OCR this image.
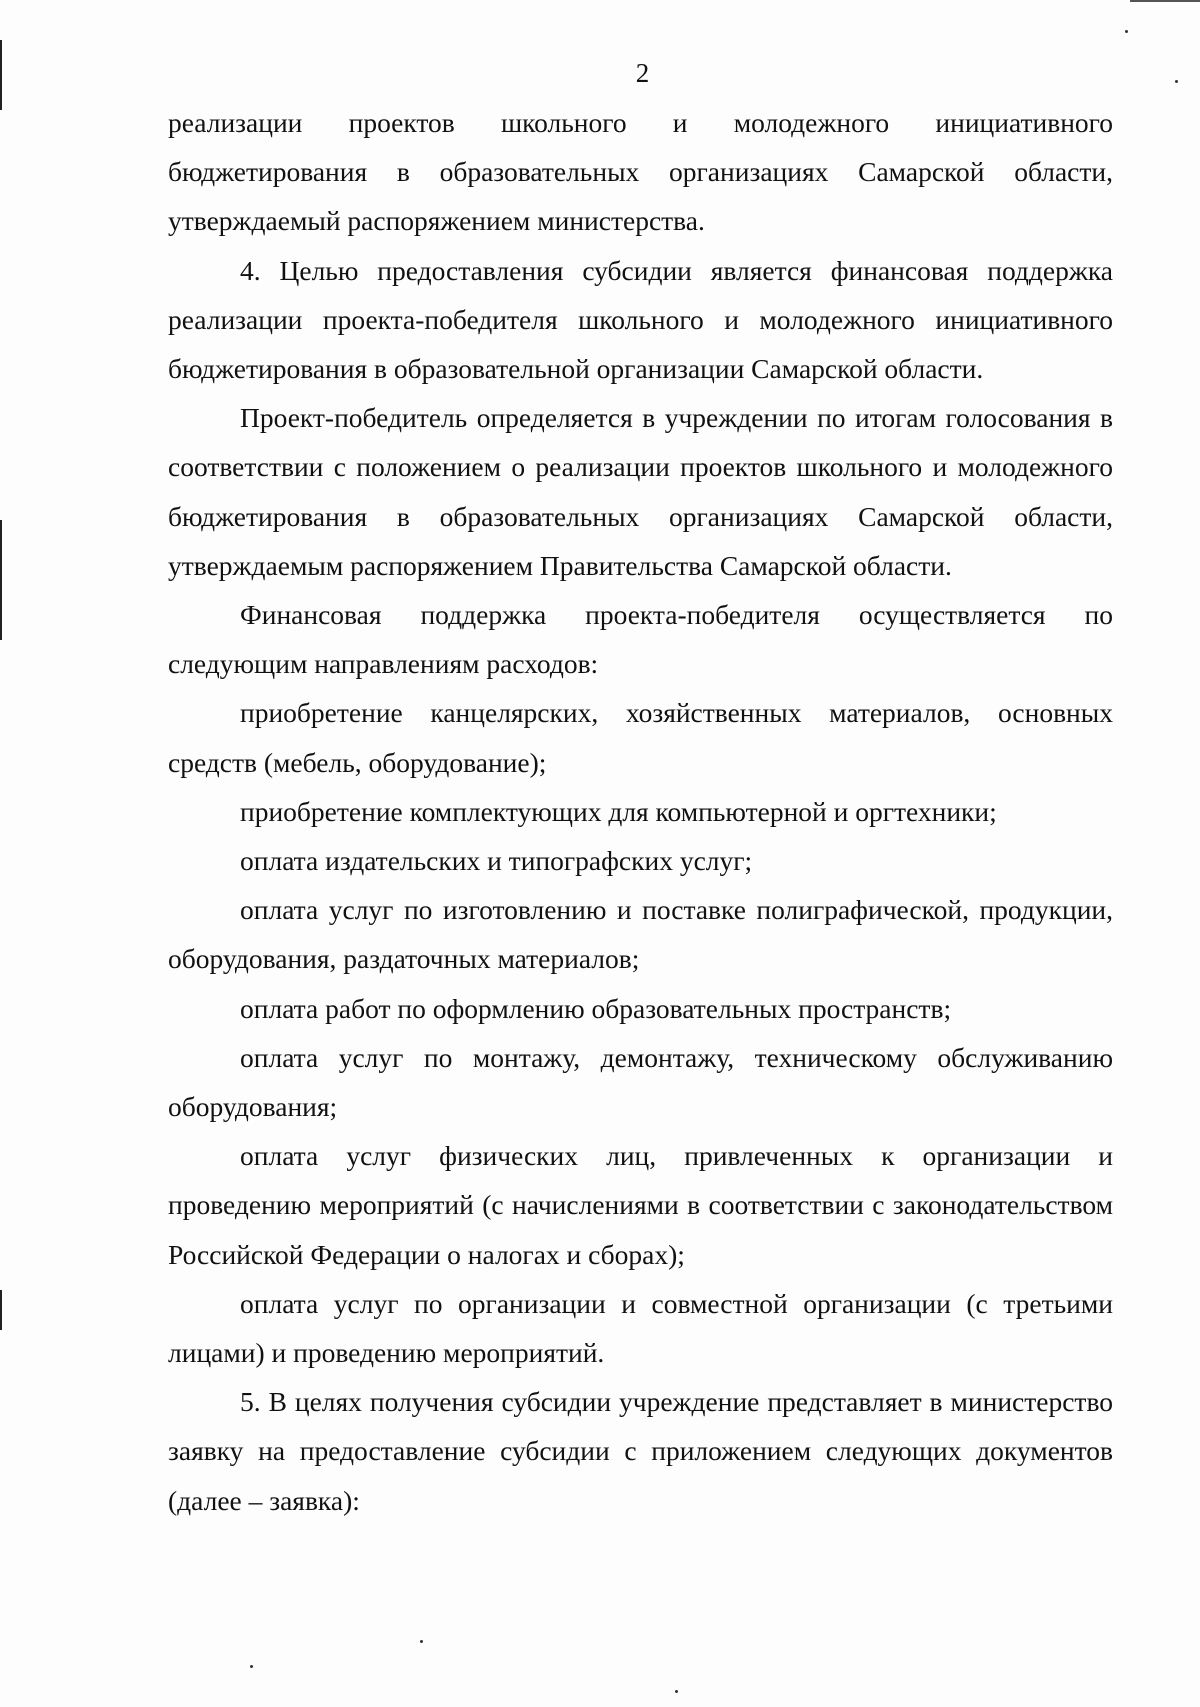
2

реализации проектов школьного и молодежного инициативного бюджетирования в образовательных организациях Самарской области, утверждаемый распоряжением министерства.

4. Целью предоставления субсидии является финансовая поддержка реализации проекта-победителя школьного и молодежного инициативного бюджетирования в образовательной организации Самарской области.

Проект-победитель определяется в учреждении по итогам голосования в соответствии с положением о реализации проектов школьного и молодежного бюджетирования в образовательных организациях Самарской области, утверждаемым распоряжением Правительства Самарской области.

Финансовая поддержка проекта-победителя осуществляется по следующим направлениям расходов:

приобретение канцелярских, хозяйственных материалов, основных средств (мебель, оборудование);

приобретение комплектующих для компьютерной и оргтехники;

оплата издательских и типографских услуг;

оплата услуг по изготовлению и поставке полиграфической, продукции, оборудования, раздаточных материалов;

оплата работ по оформлению образовательных пространств;

оплата услуг по монтажу, демонтажу, техническому обслуживанию оборудования;

оплата услуг физических лиц, привлеченных к организации и проведению мероприятий (с начислениями в соответствии с законодательством Российской Федерации о налогах и сборах);

оплата услуг по организации и совместной организации (с третьими лицами) и проведению мероприятий.

5. В целях получения субсидии учреждение представляет в министерство заявку на предоставление субсидии с приложением следующих документов (далее – заявка):
